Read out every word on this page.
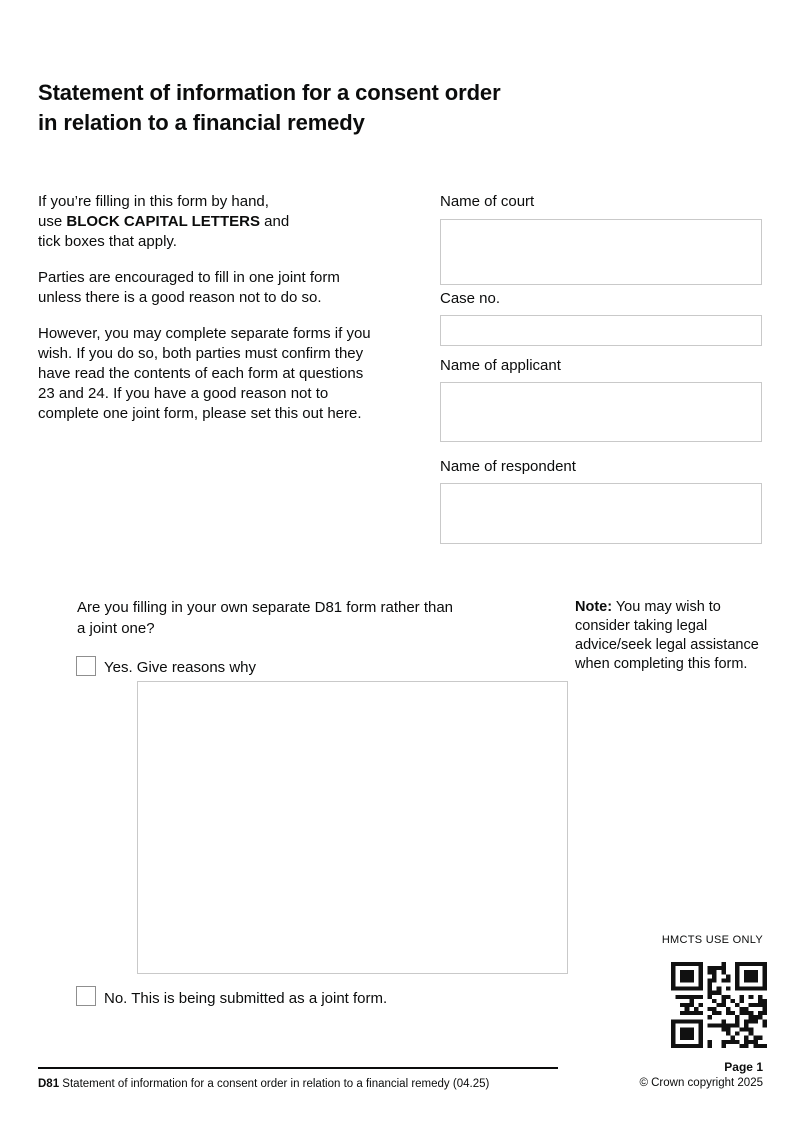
Statement of information for a consent order
in relation to a financial remedy

If you’re filling in this form by hand,
use BLOCK CAPITAL LETTERS and
tick boxes that apply.

Parties are encouraged to fill in one joint form
unless there is a good reason not to do so.

However, you may complete separate forms if you
wish. If you do so, both parties must confirm they
have read the contents of each form at questions
23 and 24. If you have a good reason not to
complete one joint form, please set this out here.

Name of court
Case no.
Name of applicant
Name of respondent
Are you filling in your own separate D81 form rather than
a joint one?
Note: You may wish to
consider taking legal
advice/seek legal assistance
when completing this form.
Yes. Give reasons why
No. This is being submitted as a joint form.
HMCTS USE ONLY
D81 Statement of information for a consent order in relation to a financial remedy (04.25)
Page 1
© Crown copyright 2025
